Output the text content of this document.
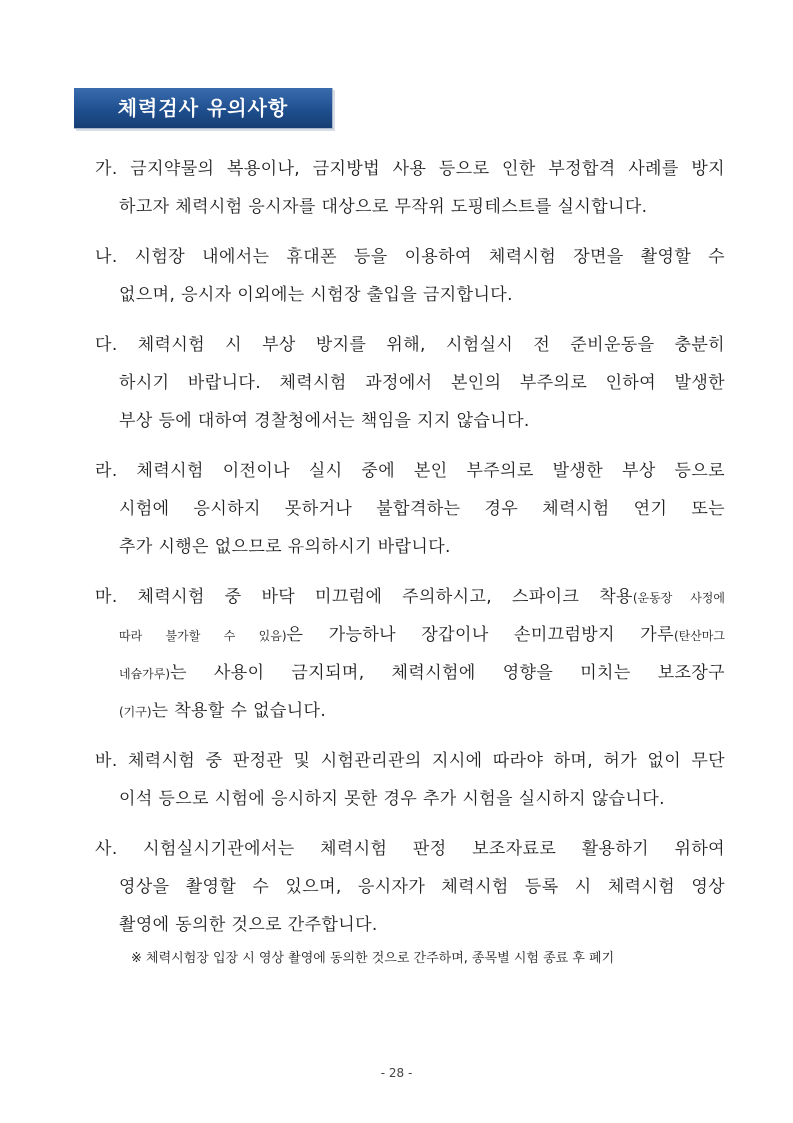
체력검사 유의사항
가. 금지약물의 복용이나, 금지방법 사용 등으로 인한 부정합격 사례를 방지
하고자 체력시험 응시자를 대상으로 무작위 도핑테스트를 실시합니다.
나. 시험장 내에서는 휴대폰 등을 이용하여 체력시험 장면을 촬영할 수
없으며, 응시자 이외에는 시험장 출입을 금지합니다.
다. 체력시험 시 부상 방지를 위해, 시험실시 전 준비운동을 충분히
하시기 바랍니다. 체력시험 과정에서 본인의 부주의로 인하여 발생한
부상 등에 대하여 경찰청에서는 책임을 지지 않습니다.
라. 체력시험 이전이나 실시 중에 본인 부주의로 발생한 부상 등으로
시험에 응시하지 못하거나 불합격하는 경우 체력시험 연기 또는
추가 시행은 없으므로 유의하시기 바랍니다.
마. 체력시험 중 바닥 미끄럼에 주의하시고, 스파이크 착용(운동장 사정에
따라 불가할 수 있음)은 가능하나 장갑이나 손미끄럼방지 가루(탄산마그
네슘가루)는 사용이 금지되며, 체력시험에 영향을 미치는 보조장구
(기구)는 착용할 수 없습니다.
바. 체력시험 중 판정관 및 시험관리관의 지시에 따라야 하며, 허가 없이 무단
이석 등으로 시험에 응시하지 못한 경우 추가 시험을 실시하지 않습니다.
사. 시험실시기관에서는 체력시험 판정 보조자료로 활용하기 위하여
영상을 촬영할 수 있으며, 응시자가 체력시험 등록 시 체력시험 영상
촬영에 동의한 것으로 간주합니다.
※ 체력시험장 입장 시 영상 촬영에 동의한 것으로 간주하며, 종목별 시험 종료 후 폐기
- 28 -
